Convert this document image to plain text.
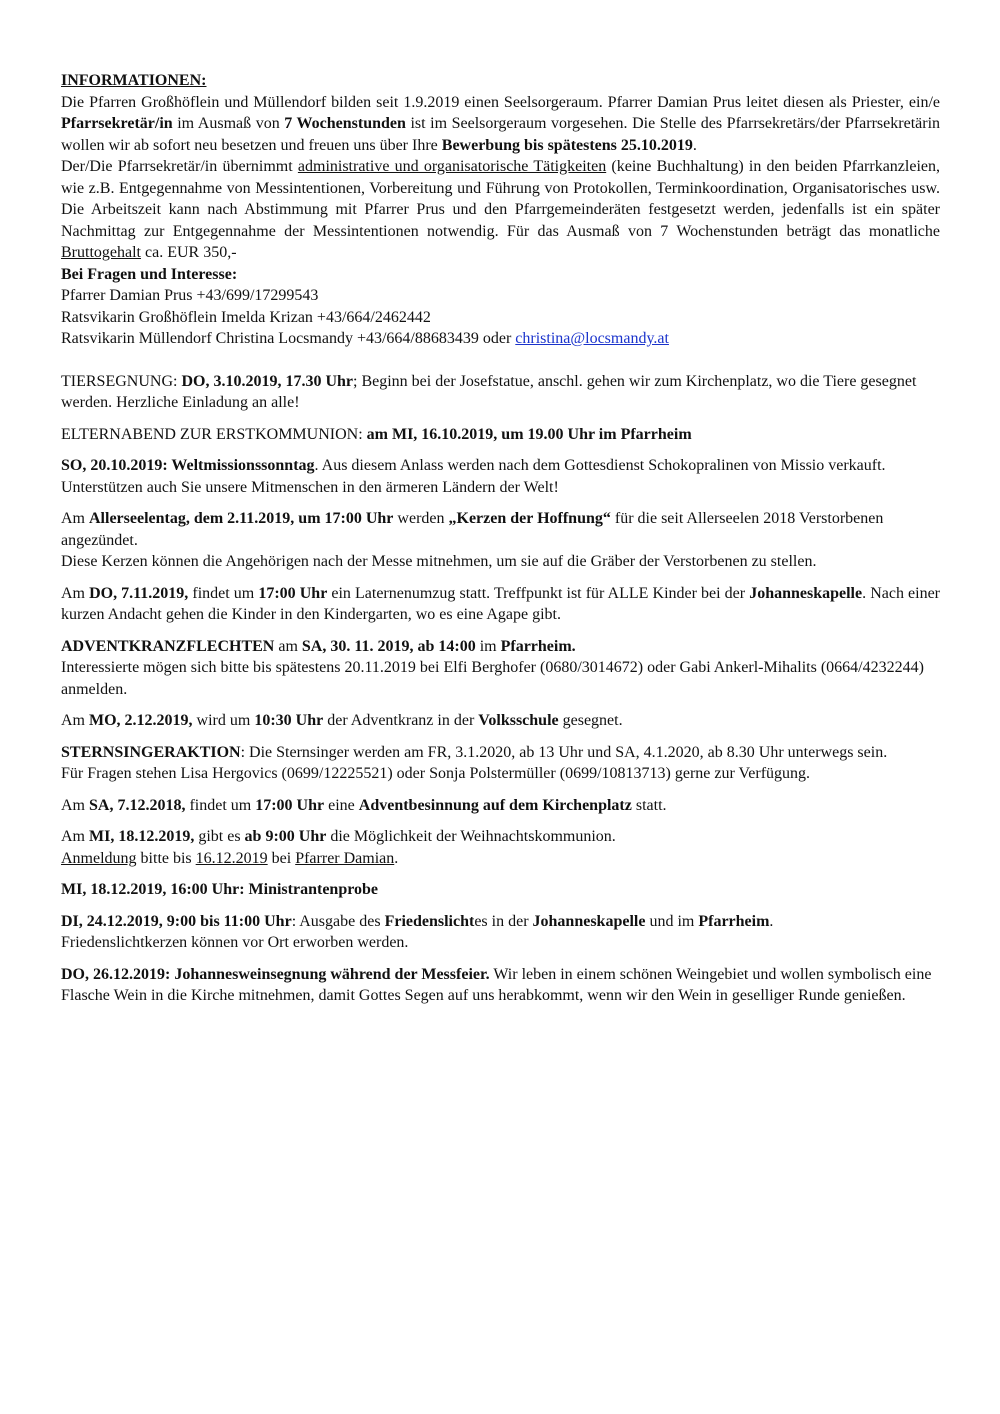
INFORMATIONEN:

Die Pfarren Großhöflein und Müllendorf bilden seit 1.9.2019 einen Seelsorgeraum. Pfarrer Damian Prus leitet diesen als Priester, ein/e Pfarrsekretär/in im Ausmaß von 7 Wochenstunden ist im Seelsorgeraum vorgesehen. Die Stelle des Pfarrsekretärs/der Pfarrsekretärin wollen wir ab sofort neu besetzen und freuen uns über Ihre Bewerbung bis spätestens 25.10.2019.

Der/Die Pfarrsekretär/in übernimmt administrative und organisatorische Tätigkeiten (keine Buchhaltung) in den beiden Pfarrkanzleien, wie z.B. Entgegennahme von Messintentionen, Vorbereitung und Führung von Protokollen, Terminkoordination, Organisatorisches usw. Die Arbeitszeit kann nach Abstimmung mit Pfarrer Prus und den Pfarrgemeinderäten festgesetzt werden, jedenfalls ist ein später Nachmittag zur Entgegennahme der Messintentionen notwendig. Für das Ausmaß von 7 Wochenstunden beträgt das monatliche Bruttogehalt ca. EUR 350,-

Bei Fragen und Interesse:

Pfarrer Damian Prus +43/699/17299543

Ratsvikarin Großhöflein Imelda Krizan +43/664/2462442

Ratsvikarin Müllendorf Christina Locsmandy +43/664/88683439 oder christina@locsmandy.at

TIERSEGNUNG: DO, 3.10.2019, 17.30 Uhr; Beginn bei der Josefstatue, anschl. gehen wir zum Kirchenplatz, wo die Tiere gesegnet werden. Herzliche Einladung an alle!

ELTERNABEND ZUR ERSTKOMMUNION: am MI, 16.10.2019, um 19.00 Uhr im Pfarrheim

SO, 20.10.2019: Weltmissionssonntag. Aus diesem Anlass werden nach dem Gottesdienst Schokopralinen von Missio verkauft. Unterstützen auch Sie unsere Mitmenschen in den ärmeren Ländern der Welt!

Am Allerseelentag, dem 2.11.2019, um 17:00 Uhr werden „Kerzen der Hoffnung“ für die seit Allerseelen 2018 Verstorbenen angezündet.

Diese Kerzen können die Angehörigen nach der Messe mitnehmen, um sie auf die Gräber der Verstorbenen zu stellen.

Am DO, 7.11.2019, findet um 17:00 Uhr ein Laternenumzug statt. Treffpunkt ist für ALLE Kinder bei der Johanneskapelle. Nach einer kurzen Andacht gehen die Kinder in den Kindergarten, wo es eine Agape gibt.

ADVENTKRANZFLECHTEN am SA, 30. 11. 2019, ab 14:00 im Pfarrheim.

Interessierte mögen sich bitte bis spätestens 20.11.2019 bei Elfi Berghofer (0680/3014672) oder Gabi Ankerl-Mihalits (0664/4232244) anmelden.

Am MO, 2.12.2019, wird um 10:30 Uhr der Adventkranz in der Volksschule gesegnet.

STERNSINGERAKTION: Die Sternsinger werden am FR, 3.1.2020, ab 13 Uhr und SA, 4.1.2020, ab 8.30 Uhr unterwegs sein.

Für Fragen stehen Lisa Hergovics (0699/12225521) oder Sonja Polstermüller (0699/10813713) gerne zur Verfügung.

Am SA, 7.12.2018, findet um 17:00 Uhr eine Adventbesinnung auf dem Kirchenplatz statt.

Am MI, 18.12.2019, gibt es ab 9:00 Uhr die Möglichkeit der Weihnachtskommunion.

Anmeldung bitte bis 16.12.2019 bei Pfarrer Damian.

MI, 18.12.2019, 16:00 Uhr: Ministrantenprobe

DI, 24.12.2019, 9:00 bis 11:00 Uhr: Ausgabe des Friedenslichtes in der Johanneskapelle und im Pfarrheim.

Friedenslichtkerzen können vor Ort erworben werden.

DO, 26.12.2019: Johannesweinsegnung während der Messfeier. Wir leben in einem schönen Weingebiet und wollen symbolisch eine Flasche Wein in die Kirche mitnehmen, damit Gottes Segen auf uns herabkommt, wenn wir den Wein in geselliger Runde genießen.
